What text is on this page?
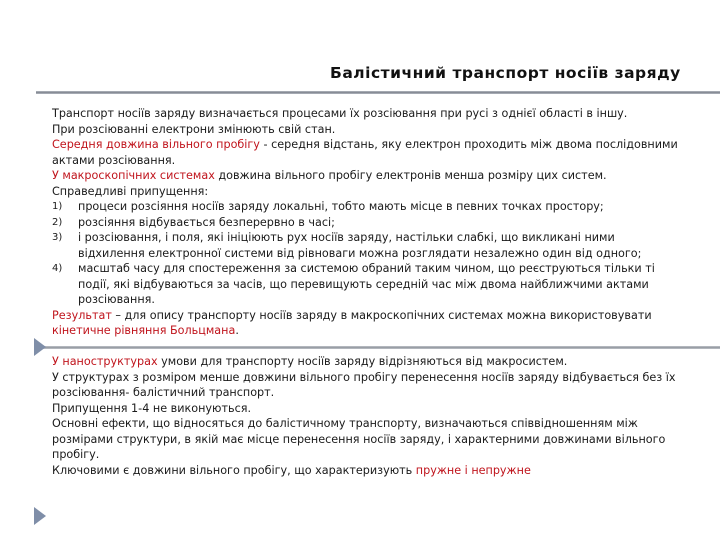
Балістичний транспорт носіїв заряду

Транспорт носіїв заряду визначається процесами їх розсіювання при русі з однієї області в іншу.

При розсіюванні електрони змінюють свій стан.

Середня довжина вільного пробігу - середня відстань, яку електрон проходить між двома послідовними актами розсіювання.

У макроскопічних системах довжина вільного пробігу електронів менша розміру цих систем.

Справедливі припущення:

1) процеси розсіяння носіїв заряду локальні, тобто мають місце в певних точках простору;
2) розсіяння відбувається безперервно в часі;
3) і розсіювання, і поля, які ініціюють рух носіїв заряду, настільки слабкі, що викликані ними відхилення електронної системи від рівноваги можна розглядати незалежно один від одного;
4) масштаб часу для спостереження за системою обраний таким чином, що реєструються тільки ті події, які відбуваються за часів, що перевищують середній час між двома найближчими актами розсіювання.

Результат – для опису транспорту носіїв заряду в макроскопічних системах можна використовувати кінетичне рівняння Больцмана.

У наноструктурах умови для транспорту носіїв заряду відрізняються від макросистем.

У структурах з розміром менше довжини вільного пробігу перенесення носіїв заряду відбувається без їх розсіювання- балістичний транспорт.

Припущення 1-4 не виконуються.

Основні ефекти, що відносяться до балістичному транспорту, визначаються співвідношенням між розмірами структури, в якій має місце перенесення носіїв заряду, і характерними довжинами вільного пробігу.

Ключовими є довжини вільного пробігу, що характеризують пружне і непружне
